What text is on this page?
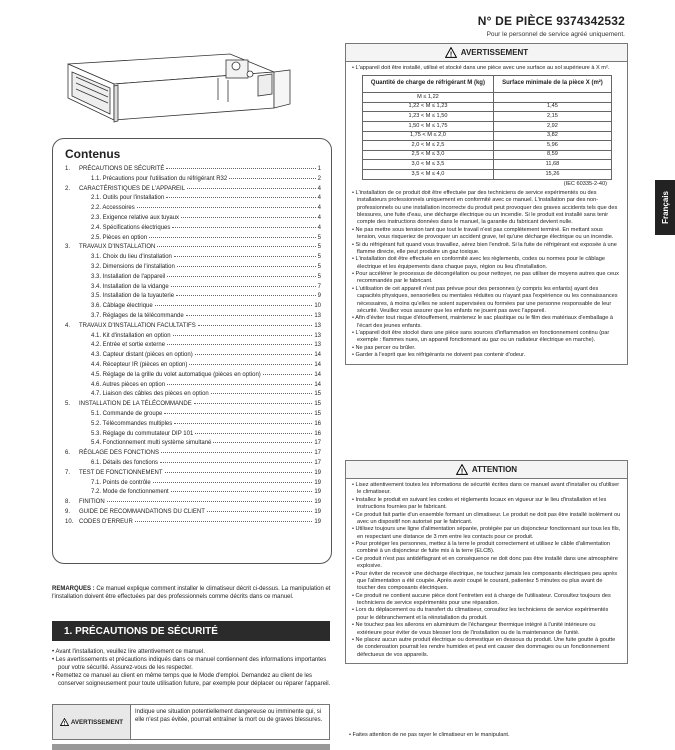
N° DE PIÈCE 9374342532
Pour le personnel de service agréé uniquement.
Français
Contenus
1.	PRÉCAUTIONS DE SÉCURITÉ	1
1.1. Précautions pour l'utilisation du réfrigérant R32	2
2.	CARACTÉRISTIQUES DE L'APPAREIL	4
2.1. Outils pour l'installation	4
2.2. Accessoires	4
2.3. Exigence relative aux tuyaux	4
2.4. Spécifications électriques	4
2.5. Pièces en option	5
3.	TRAVAUX D'INSTALLATION	5
3.1. Choix du lieu d'installation	5
3.2. Dimensions de l'installation	5
3.3. Installation de l'appareil	5
3.4. Installation de la vidange	7
3.5. Installation de la tuyauterie	9
3.6. Câblage électrique	10
3.7. Réglages de la télécommande	13
4.	TRAVAUX D'INSTALLATION FACULTATIFS	13
4.1. Kit d'installation en option	13
4.2. Entrée et sortie externe	13
4.3. Capteur distant (pièces en option)	14
4.4. Récepteur IR (pièces en option)	14
4.5. Réglage de la grille du volet automatique (pièces en option)	14
4.6. Autres pièces en option	14
4.7. Liaison des câbles des pièces en option	15
5.	INSTALLATION DE LA TÉLÉCOMMANDE	15
5.1. Commande de groupe	15
5.2. Télécommandes multiples	16
5.3. Réglage du commutateur DIP 101	16
5.4. Fonctionnement multi système simultané	17
6.	RÉGLAGE DES FONCTIONS	17
6.1. Détails des fonctions	17
7.	TEST DE FONCTIONNEMENT	19
7.1. Points de contrôle	19
7.2. Mode de fonctionnement	19
8.	FINITION	19
9.	GUIDE DE RECOMMANDATIONS DU CLIENT	19
10. CODES D'ERREUR	19
REMARQUES : Ce manuel explique comment installer le climatiseur décrit ci-dessus. La manipulation et l'installation doivent être effectuées par des professionnels comme décrits dans ce manuel.
1. PRÉCAUTIONS DE SÉCURITÉ

• Avant l'installation, veuillez lire attentivement ce manuel.

• Les avertissements et précautions indiqués dans ce manuel contiennent des informations importantes pour votre sécurité. Assurez-vous de les respecter.

• Remettez ce manuel au client en même temps que le Mode d'emploi. Demandez au client de les conserver soigneusement pour toute utilisation future, par exemple pour déplacer ou réparer l'appareil.

! AVERTISSEMENT
Indique une situation potentiellement dangereuse ou imminente qui, si elle n'est pas évitée, pourrait entraîner la mort ou de graves blessures.
! AVERTISSEMENT

• L'appareil doit être installé, utilisé et stocké dans une pièce avec une surface au sol supérieure à X m².

Quantité de charge de réfrigérant M (kg)	Surface minimale de la pièce X (m²)
M ≤ 1,22	
1,22 < M ≤ 1,23	1,45
1,23 < M ≤ 1,50	2,15
1,50 < M ≤ 1,75	2,92
1,75 < M ≤ 2,0	3,82
2,0 < M ≤ 2,5	5,96
2,5 < M ≤ 3,0	8,59
3,0 < M ≤ 3,5	11,68
3,5 < M ≤ 4,0	15,26
(IEC 60335-2-40)

• L'installation de ce produit doit être effectuée par des techniciens de service expérimentés ou des installateurs professionnels uniquement en conformité avec ce manuel. L'installation par des non-professionnels ou une installation incorrecte du produit peut provoquer des graves accidents tels que des blessures, une fuite d'eau, une décharge électrique ou un incendie. Si le produit est installé sans tenir compte des instructions données dans le manuel, la garantie du fabricant devient nulle.

• Ne pas mettre sous tension tant que tout le travail n'est pas complètement terminé. En mettant sous tension, vous risqueriez de provoquer un accident grave, tel qu'une décharge électrique ou un incendie.

• Si du réfrigérant fuit quand vous travaillez, aérez bien l'endroit. Si la fuite de réfrigérant est exposée à une flamme directe, elle peut produire un gaz toxique.

• L'installation doit être effectuée en conformité avec les règlements, codes ou normes pour le câblage électrique et les équipements dans chaque pays, région ou lieu d'installation.

• Pour accélérer le processus de décongélation ou pour nettoyer, ne pas utiliser de moyens autres que ceux recommandés par le fabricant.

• L'utilisation de cet appareil n'est pas prévue pour des personnes (y compris les enfants) ayant des capacités physiques, sensorielles ou mentales réduites ou n'ayant pas l'expérience ou les connaissances nécessaires, à moins qu'elles ne soient supervisées ou formées par une personne responsable de leur sécurité. Veuillez vous assurer que les enfants ne jouent pas avec l'appareil.

• Afin d'éviter tout risque d'étouffement, maintenez le sac plastique ou le film des matériaux d'emballage à l'écart des jeunes enfants.

• L'appareil doit être stocké dans une pièce sans sources d'inflammation en fonctionnement continu (par exemple : flammes nues, un appareil fonctionnant au gaz ou un radiateur électrique en marche).

• Ne pas percer ou brûler.

• Garder à l'esprit que les réfrigérants ne doivent pas contenir d'odeur.

! ATTENTION

• Lisez attentivement toutes les informations de sécurité écrites dans ce manuel avant d'installer ou d'utiliser le climatiseur.

• Installez le produit en suivant les codes et règlements locaux en vigueur sur le lieu d'installation et les instructions fournies par le fabricant.

• Ce produit fait partie d'un ensemble formant un climatiseur. Le produit ne doit pas être installé isolément ou avec un dispositif non autorisé par le fabricant.

• Utilisez toujours une ligne d'alimentation séparée, protégée par un disjoncteur fonctionnant sur tous les fils, en respectant une distance de 3 mm entre les contacts pour ce produit.

• Pour protéger les personnes, mettez à la terre le produit correctement et utilisez le câble d'alimentation combiné à un disjoncteur de fuite mis à la terre (ELCB).

• Ce produit n'est pas antidéflagrant et en conséquence ne doit donc pas être installé dans une atmosphère explosive.

• Pour éviter de recevoir une décharge électrique, ne touchez jamais les composants électriques peu après que l'alimentation a été coupée. Après avoir coupé le courant, patientez 5 minutes ou plus avant de toucher des composants électriques.

• Ce produit ne contient aucune pièce dont l'entretien est à charge de l'utilisateur. Consultez toujours des techniciens de service expérimentés pour une réparation.

• Lors du déplacement ou du transfert du climatiseur, consultez les techniciens de service expérimentés pour le débranchement et la réinstallation du produit.

• Ne touchez pas les ailerons en aluminium de l'échangeur thermique intégré à l'unité intérieure ou extérieure pour éviter de vous blesser lors de l'installation ou de la maintenance de l'unité.

• Ne placez aucun autre produit électrique ou domestique en dessous du produit. Une fuite goutte à goutte de condensation pourrait les rendre humides et peut ent causer des dommages ou un fonctionnement défectueux de vos appareils.

• Faites attention de ne pas rayer le climatiseur en le manipulant.
